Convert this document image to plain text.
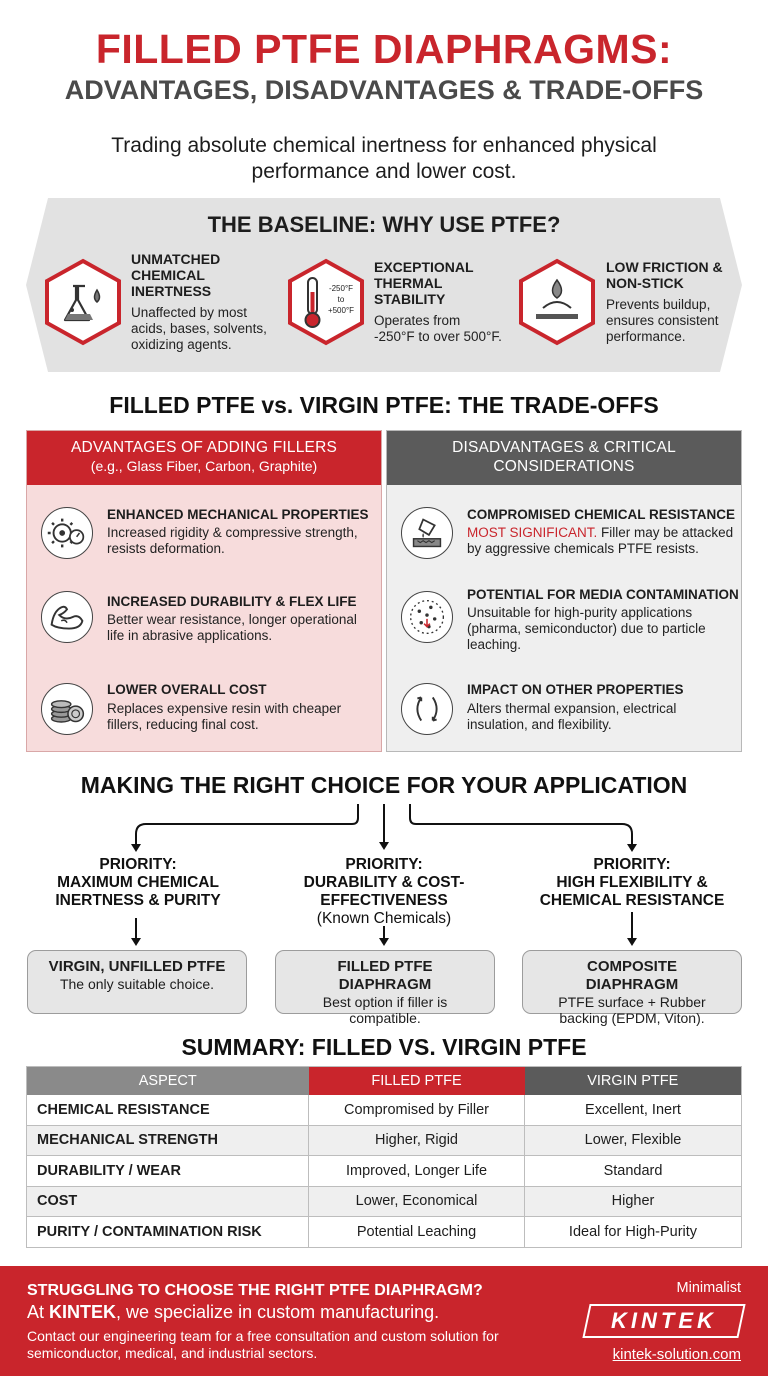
FILLED PTFE DIAPHRAGMS:
ADVANTAGES, DISADVANTAGES & TRADE-OFFS
Trading absolute chemical inertness for enhanced physical performance and lower cost.
THE BASELINE: WHY USE PTFE?
UNMATCHED CHEMICAL INERTNESS
Unaffected by most acids, bases, solvents, oxidizing agents.
-250°F
to
+500°F
EXCEPTIONAL THERMAL STABILITY
Operates from -250°F to over 500°F.
LOW FRICTION & NON-STICK
Prevents buildup, ensures consistent performance.
FILLED PTFE vs. VIRGIN PTFE: THE TRADE-OFFS
ADVANTAGES OF ADDING FILLERS
(e.g., Glass Fiber, Carbon, Graphite)
ENHANCED MECHANICAL PROPERTIES
Increased rigidity & compressive strength, resists deformation.
INCREASED DURABILITY & FLEX LIFE
Better wear resistance, longer operational life in abrasive applications.
LOWER OVERALL COST
Replaces expensive resin with cheaper fillers, reducing final cost.
DISADVANTAGES & CRITICAL CONSIDERATIONS
COMPROMISED CHEMICAL RESISTANCE
MOST SIGNIFICANT. Filler may be attacked by aggressive chemicals PTFE resists.
POTENTIAL FOR MEDIA CONTAMINATION
Unsuitable for high-purity applications (pharma, semiconductor) due to particle leaching.
IMPACT ON OTHER PROPERTIES
Alters thermal expansion, electrical insulation, and flexibility.
MAKING THE RIGHT CHOICE FOR YOUR APPLICATION
PRIORITY:
MAXIMUM CHEMICAL
INERTNESS & PURITY
PRIORITY:
DURABILITY & COST-
EFFECTIVENESS
(Known Chemicals)
PRIORITY:
HIGH FLEXIBILITY &
CHEMICAL RESISTANCE
VIRGIN, UNFILLED PTFE
The only suitable choice.
FILLED PTFE DIAPHRAGM
Best option if filler is compatible.
COMPOSITE DIAPHRAGM
PTFE surface + Rubber backing (EPDM, Viton).
SUMMARY: FILLED VS. VIRGIN PTFE
ASPECT	FILLED PTFE	VIRGIN PTFE
CHEMICAL RESISTANCE	Compromised by Filler	Excellent, Inert
MECHANICAL STRENGTH	Higher, Rigid	Lower, Flexible
DURABILITY / WEAR	Improved, Longer Life	Standard
COST	Lower, Economical	Higher
PURITY / CONTAMINATION RISK	Potential Leaching	Ideal for High-Purity
STRUGGLING TO CHOOSE THE RIGHT PTFE DIAPHRAGM?
At KINTEK, we specialize in custom manufacturing.
Contact our engineering team for a free consultation and custom solution for semiconductor, medical, and industrial sectors.
Minimalist
KINTEK
kintek-solution.com
